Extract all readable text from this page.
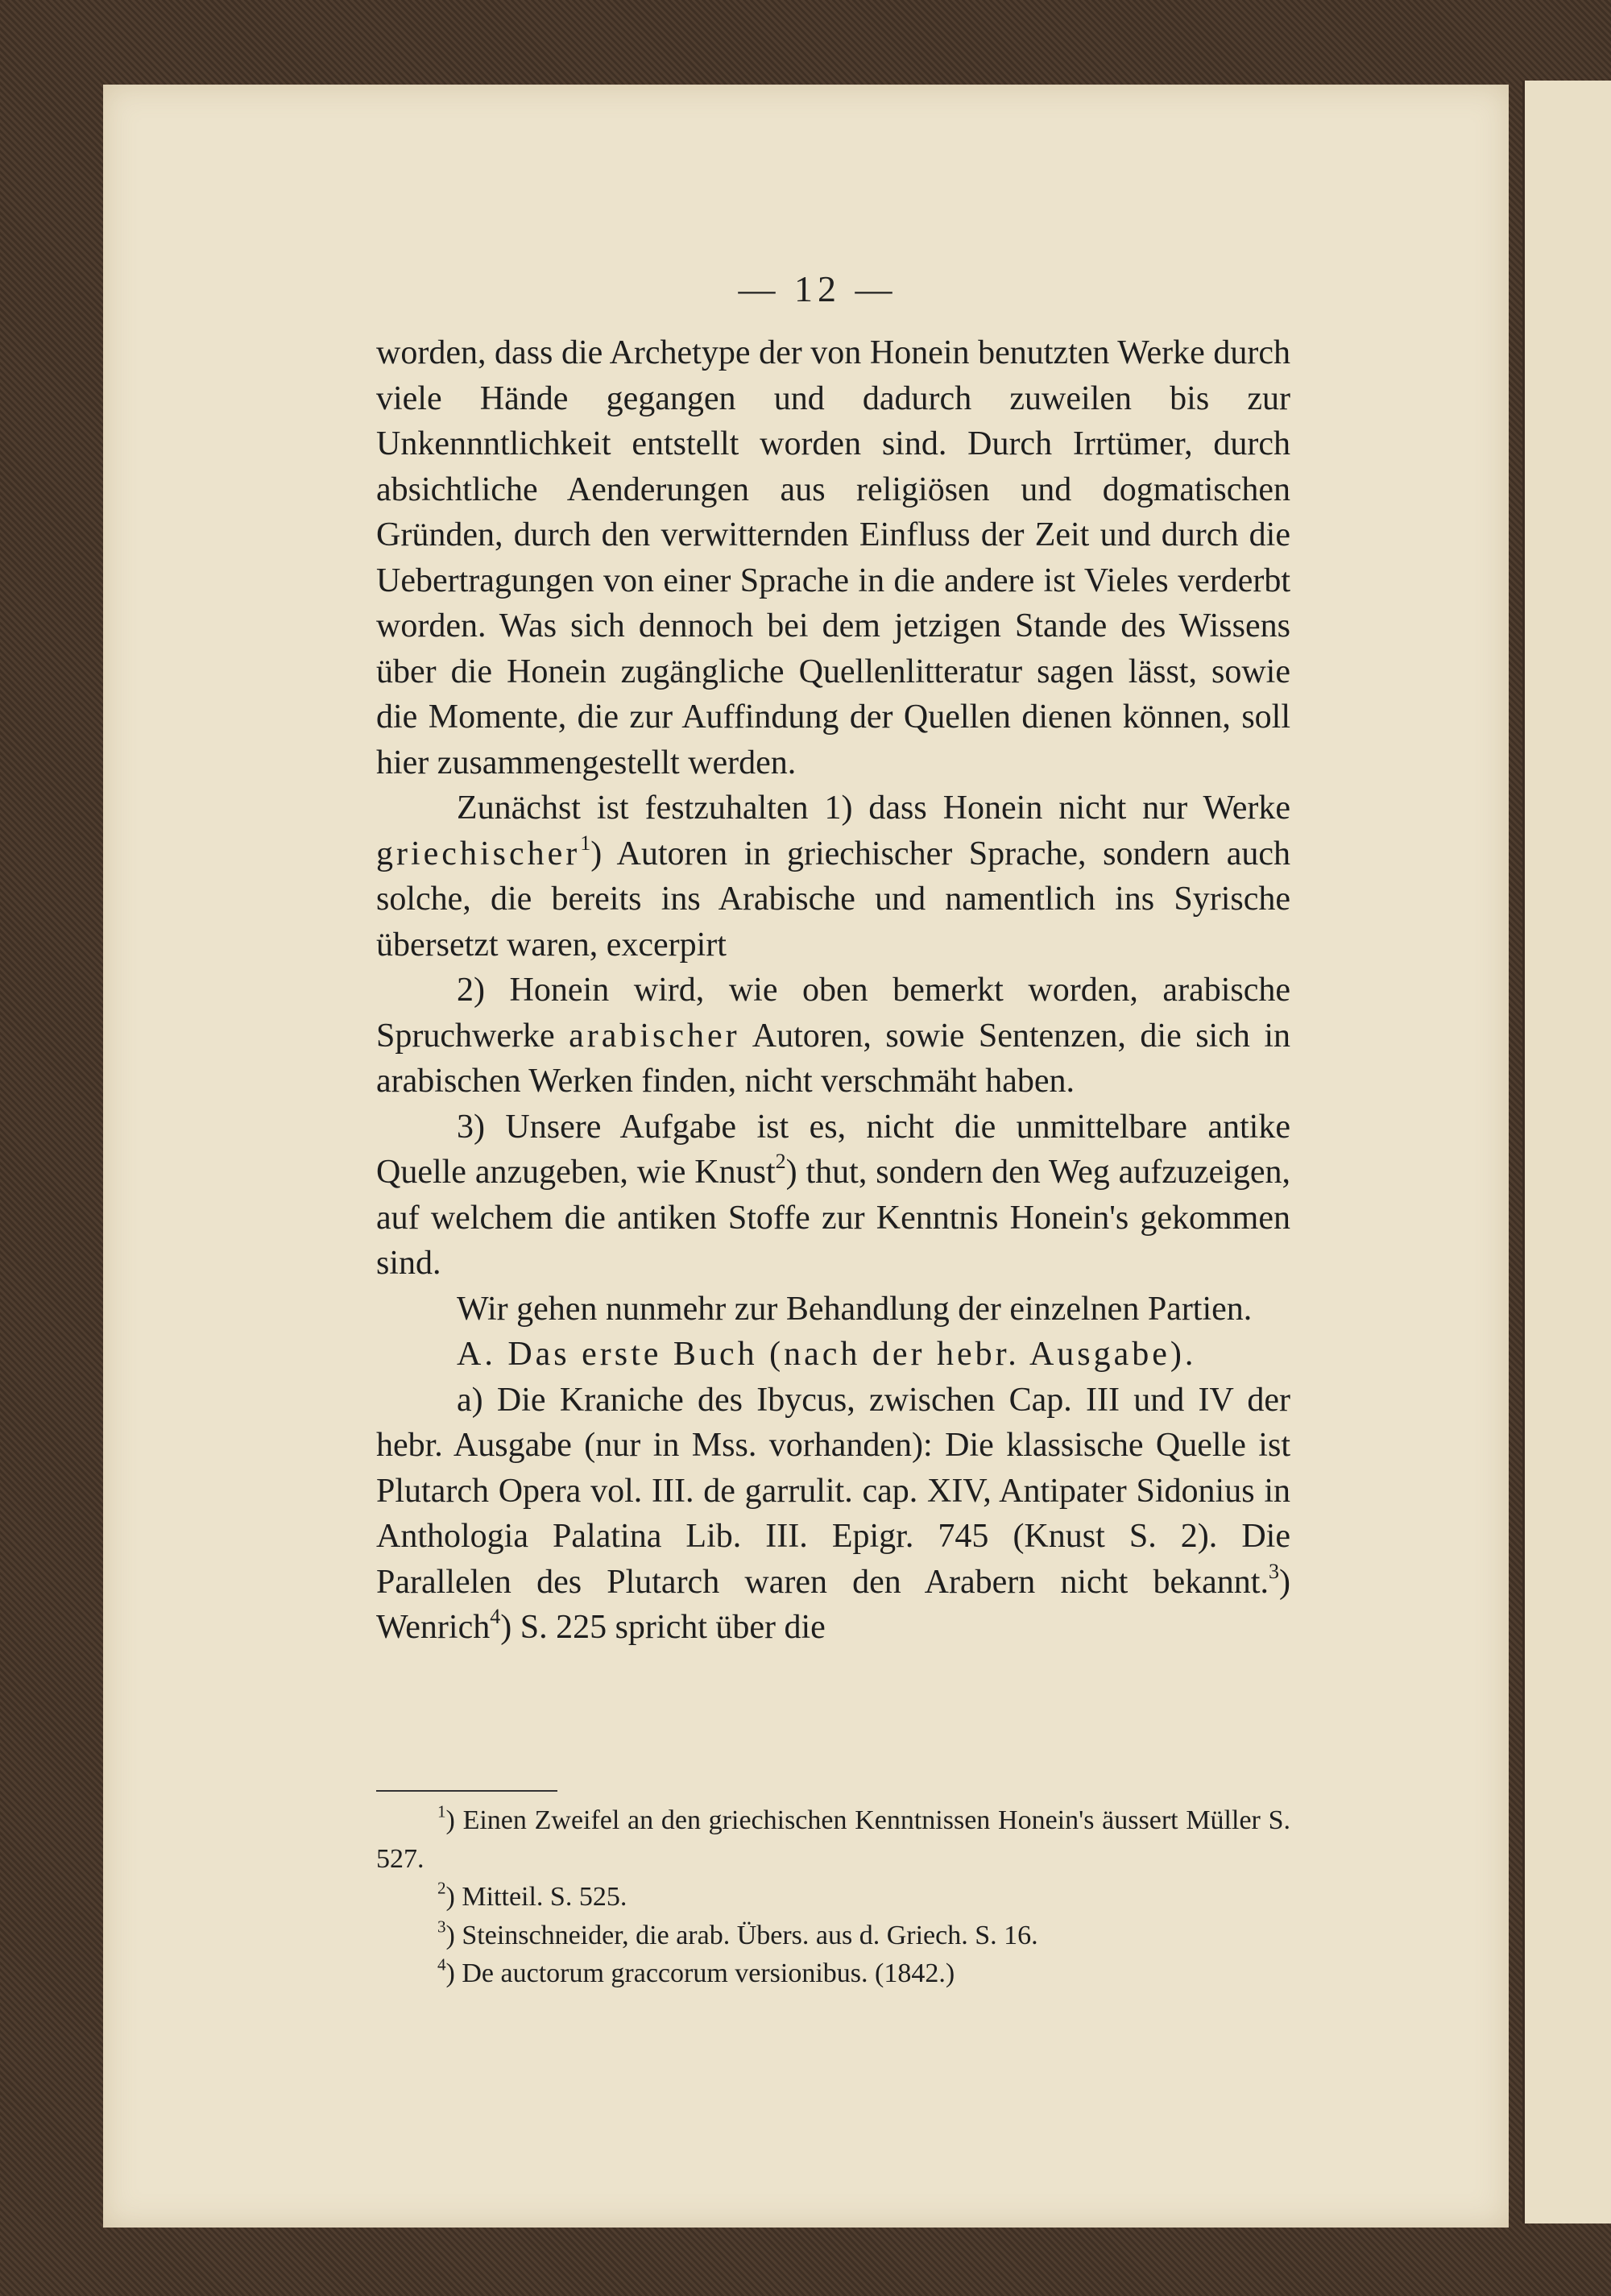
— 12 —

worden, dass die Archetype der von Honein benutzten Werke durch viele Hände gegangen und dadurch zuweilen bis zur Unkennntlichkeit entstellt worden sind. Durch Irrtümer, durch absichtliche Aenderungen aus religiösen und dogmatischen Gründen, durch den verwitternden Einfluss der Zeit und durch die Uebertragungen von einer Sprache in die andere ist Vieles verderbt worden. Was sich dennoch bei dem jetzigen Stande des Wissens über die Honein zugängliche Quellenlitteratur sagen lässt, sowie die Momente, die zur Auffindung der Quellen dienen können, soll hier zusammengestellt werden.

Zunächst ist festzuhalten 1) dass Honein nicht nur Werke griechischer$^1$) Autoren in griechischer Sprache, sondern auch solche, die bereits ins Arabische und namentlich ins Syrische übersetzt waren, excerpirt

2) Honein wird, wie oben bemerkt worden, arabische Spruchwerke arabischer Autoren, sowie Sentenzen, die sich in arabischen Werken finden, nicht verschmäht haben.

3) Unsere Aufgabe ist es, nicht die unmittelbare antike Quelle anzugeben, wie Knust$^2$) thut, sondern den Weg aufzuzeigen, auf welchem die antiken Stoffe zur Kenntnis Honein's gekommen sind.

Wir gehen nunmehr zur Behandlung der einzelnen Partien.

A. Das erste Buch (nach der hebr. Ausgabe).

a) Die Kraniche des Ibycus, zwischen Cap. III und IV der hebr. Ausgabe (nur in Mss. vorhanden): Die klassische Quelle ist Plutarch Opera vol. III. de garrulit. cap. XIV, Antipater Sidonius in Anthologia Palatina Lib. III. Epigr. 745 (Knust S. 2). Die Parallelen des Plutarch waren den Arabern nicht bekannt.$^3$) Wenrich$^4$) S. 225 spricht über die

$^1$) Einen Zweifel an den griechischen Kenntnissen Honein's äussert Müller S. 527.

$^2$) Mitteil. S. 525.

$^3$) Steinschneider, die arab. Übers. aus d. Griech. S. 16.

$^4$) De auctorum graccorum versionibus. (1842.)
